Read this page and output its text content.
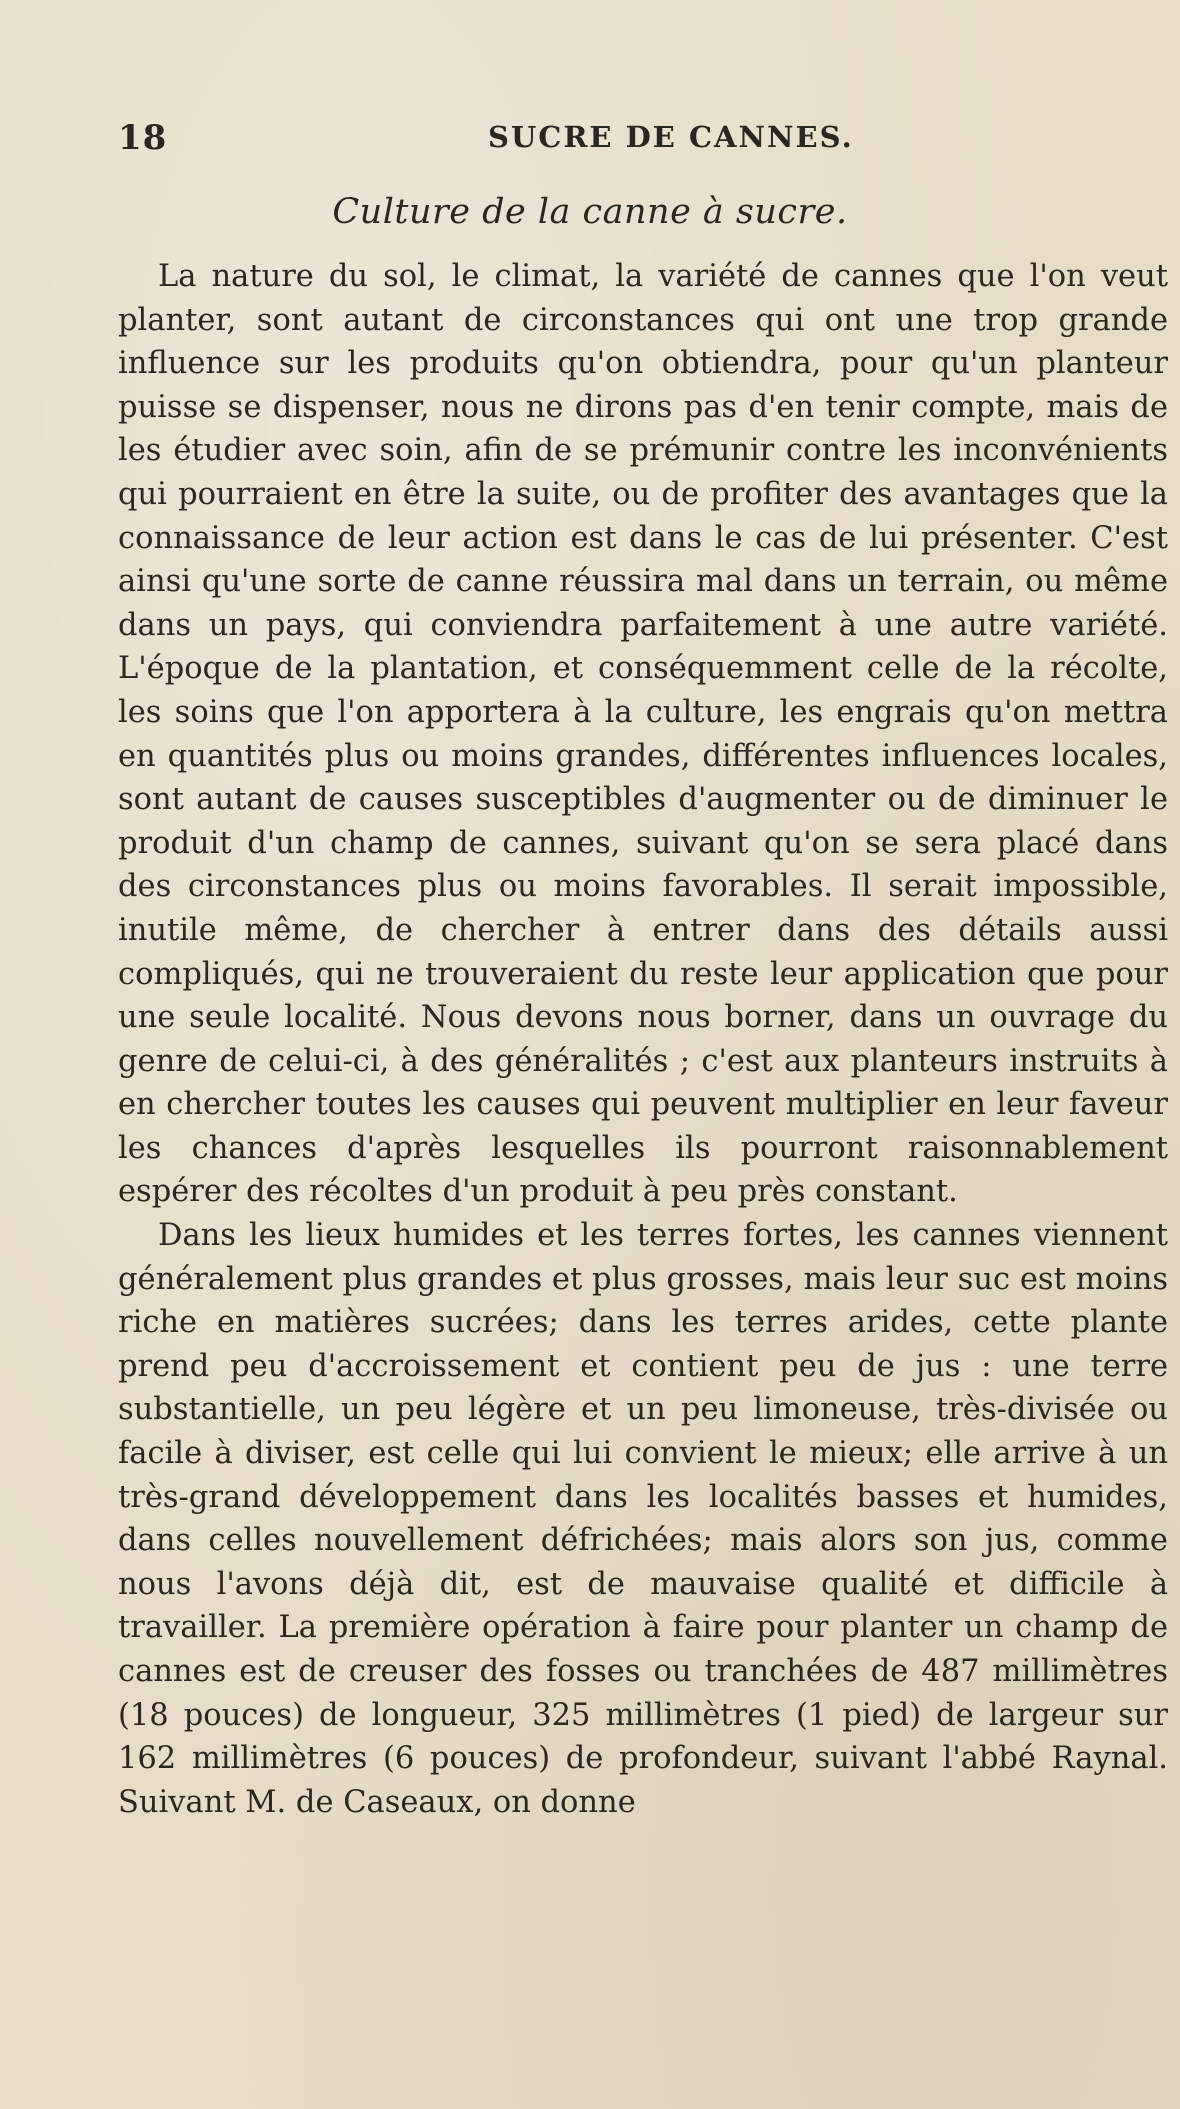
18	SUCRE DE CANNES.
Culture de la canne à sucre.

La nature du sol, le climat, la variété de cannes que l'on veut planter, sont autant de circonstances qui ont une trop grande influence sur les produits qu'on obtiendra, pour qu'un planteur puisse se dispenser, nous ne dirons pas d'en tenir compte, mais de les étudier avec soin, afin de se prémunir contre les inconvénients qui pourraient en être la suite, ou de profiter des avantages que la connaissance de leur action est dans le cas de lui présenter. C'est ainsi qu'une sorte de canne réussira mal dans un terrain, ou même dans un pays, qui conviendra parfaitement à une autre variété. L'époque de la plantation, et conséquemment celle de la récolte, les soins que l'on apportera à la culture, les engrais qu'on mettra en quantités plus ou moins grandes, différentes influences locales, sont autant de causes susceptibles d'augmenter ou de diminuer le produit d'un champ de cannes, suivant qu'on se sera placé dans des circonstances plus ou moins favorables. Il serait impossible, inutile même, de chercher à entrer dans des détails aussi compliqués, qui ne trouveraient du reste leur application que pour une seule localité. Nous devons nous borner, dans un ouvrage du genre de celui-ci, à des généralités ; c'est aux planteurs instruits à en chercher toutes les causes qui peuvent multiplier en leur faveur les chances d'après lesquelles ils pourront raisonnablement espérer des récoltes d'un produit à peu près constant.

Dans les lieux humides et les terres fortes, les cannes viennent généralement plus grandes et plus grosses, mais leur suc est moins riche en matières sucrées; dans les terres arides, cette plante prend peu d'accroissement et contient peu de jus : une terre substantielle, un peu légère et un peu limoneuse, très-divisée ou facile à diviser, est celle qui lui convient le mieux; elle arrive à un très-grand développement dans les localités basses et humides, dans celles nouvellement défrichées; mais alors son jus, comme nous l'avons déjà dit, est de mauvaise qualité et difficile à travailler. La première opération à faire pour planter un champ de cannes est de creuser des fosses ou tranchées de 487 millimètres (18 pouces) de longueur, 325 millimètres (1 pied) de largeur sur 162 millimètres (6 pouces) de profondeur, suivant l'abbé Raynal. Suivant M. de Caseaux, on donne
